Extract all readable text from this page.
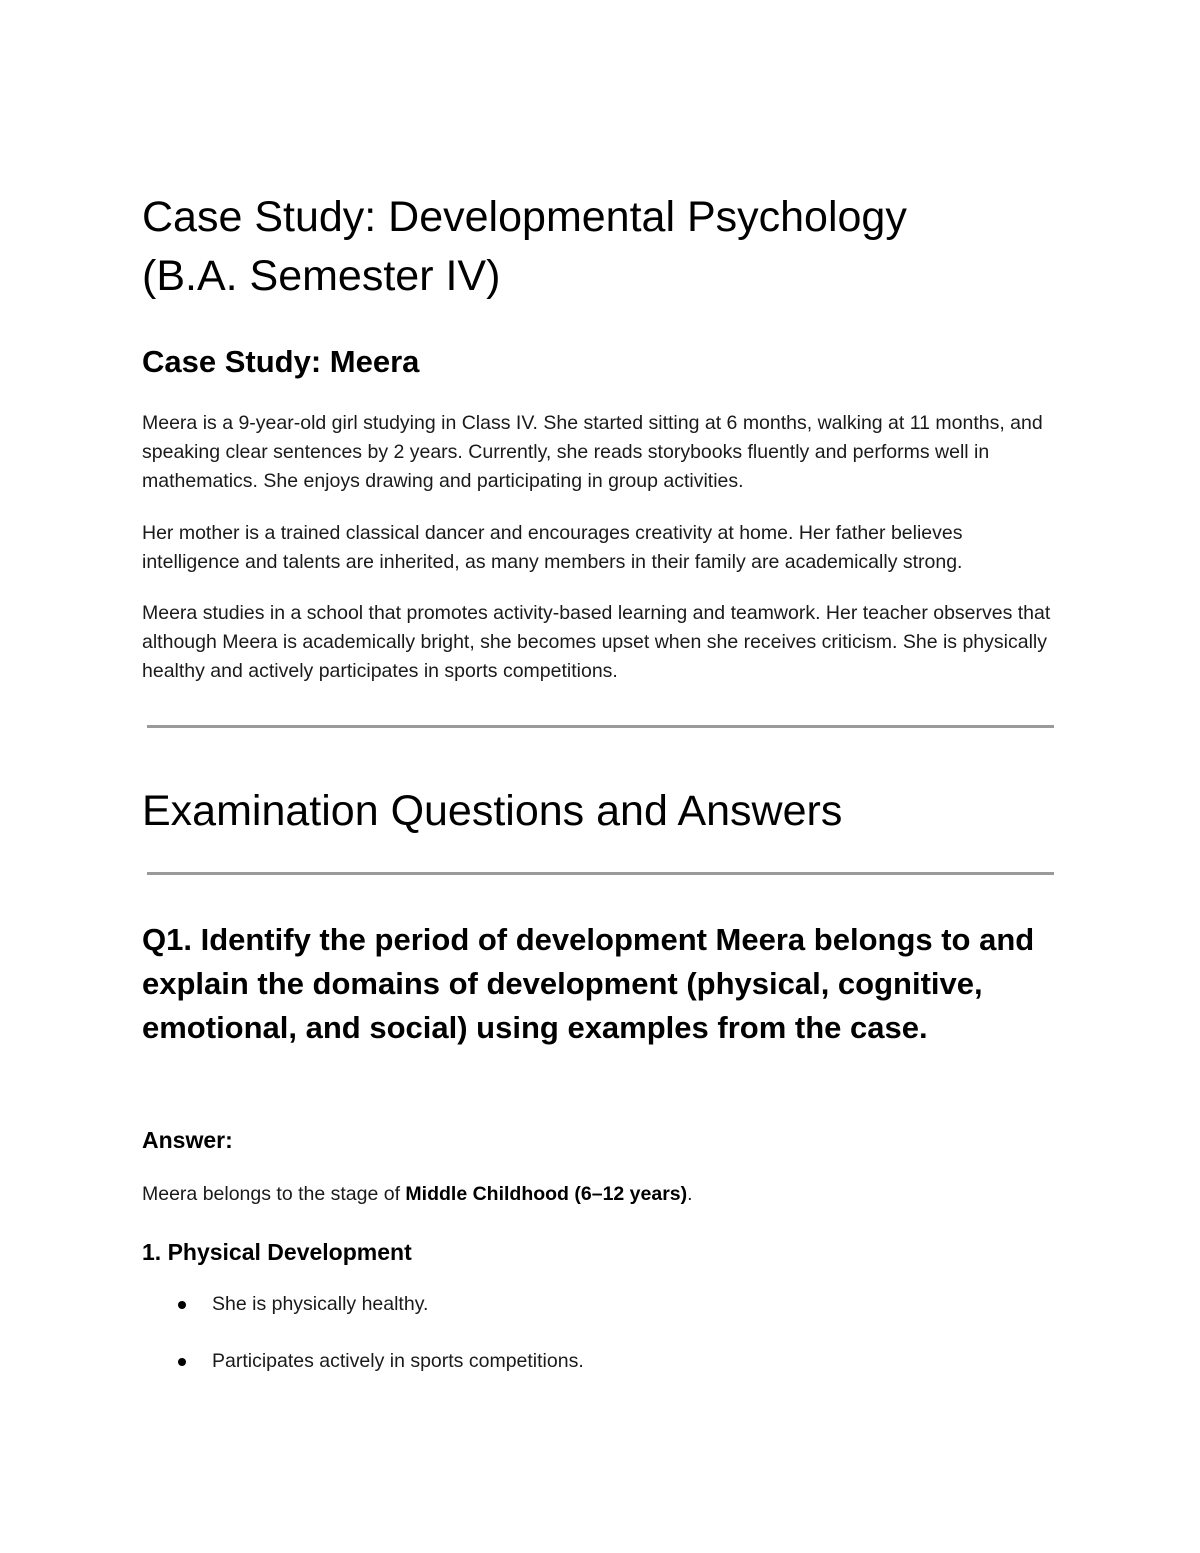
Case Study: Developmental Psychology
(B.A. Semester IV)
Case Study: Meera

Meera is a 9-year-old girl studying in Class IV. She started sitting at 6 months, walking at 11 months, and speaking clear sentences by 2 years. Currently, she reads storybooks fluently and performs well in mathematics. She enjoys drawing and participating in group activities.

Her mother is a trained classical dancer and encourages creativity at home. Her father believes intelligence and talents are inherited, as many members in their family are academically strong.

Meera studies in a school that promotes activity-based learning and teamwork. Her teacher observes that although Meera is academically bright, she becomes upset when she receives criticism. She is physically healthy and actively participates in sports competitions.

Examination Questions and Answers
Q1. Identify the period of development Meera belongs to and explain the domains of development (physical, cognitive, emotional, and social) using examples from the case.
Answer:

Meera belongs to the stage of Middle Childhood (6–12 years).

1. Physical Development
She is physically healthy.
Participates actively in sports competitions.
